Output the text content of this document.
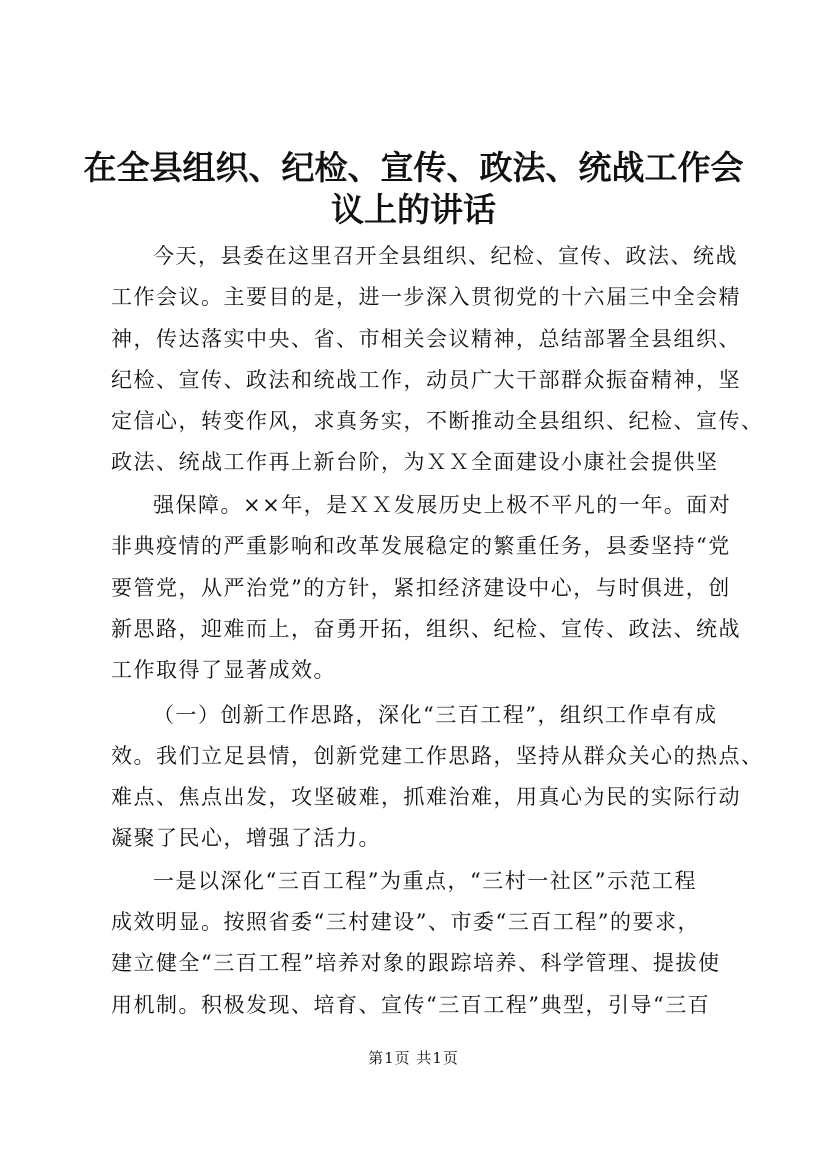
在全县组织、纪检、宣传、政法、统战工作会
议上的讲话
今天，县委在这里召开全县组织、纪检、宣传、政法、统战
工作会议。主要目的是，进一步深入贯彻党的十六届三中全会精
神，传达落实中央、省、市相关会议精神，总结部署全县组织、
纪检、宣传、政法和统战工作，动员广大干部群众振奋精神，坚
定信心，转变作风，求真务实，不断推动全县组织、纪检、宣传、
政法、统战工作再上新台阶，为ＸＸ全面建设小康社会提供坚
强保障。××年，是ＸＸ发展历史上极不平凡的一年。面对
非典疫情的严重影响和改革发展稳定的繁重任务，县委坚持“党
要管党，从严治党”的方针，紧扣经济建设中心，与时俱进，创
新思路，迎难而上，奋勇开拓，组织、纪检、宣传、政法、统战
工作取得了显著成效。
（一）创新工作思路，深化“三百工程”，组织工作卓有成
效。我们立足县情，创新党建工作思路，坚持从群众关心的热点、
难点、焦点出发，攻坚破难，抓难治难，用真心为民的实际行动
凝聚了民心，增强了活力。
一是以深化“三百工程”为重点，“三村一社区”示范工程
成效明显。按照省委“三村建设”、市委“三百工程”的要求，
建立健全“三百工程”培养对象的跟踪培养、科学管理、提拔使
用机制。积极发现、培育、宣传“三百工程”典型，引导“三百
第1页 共1页
